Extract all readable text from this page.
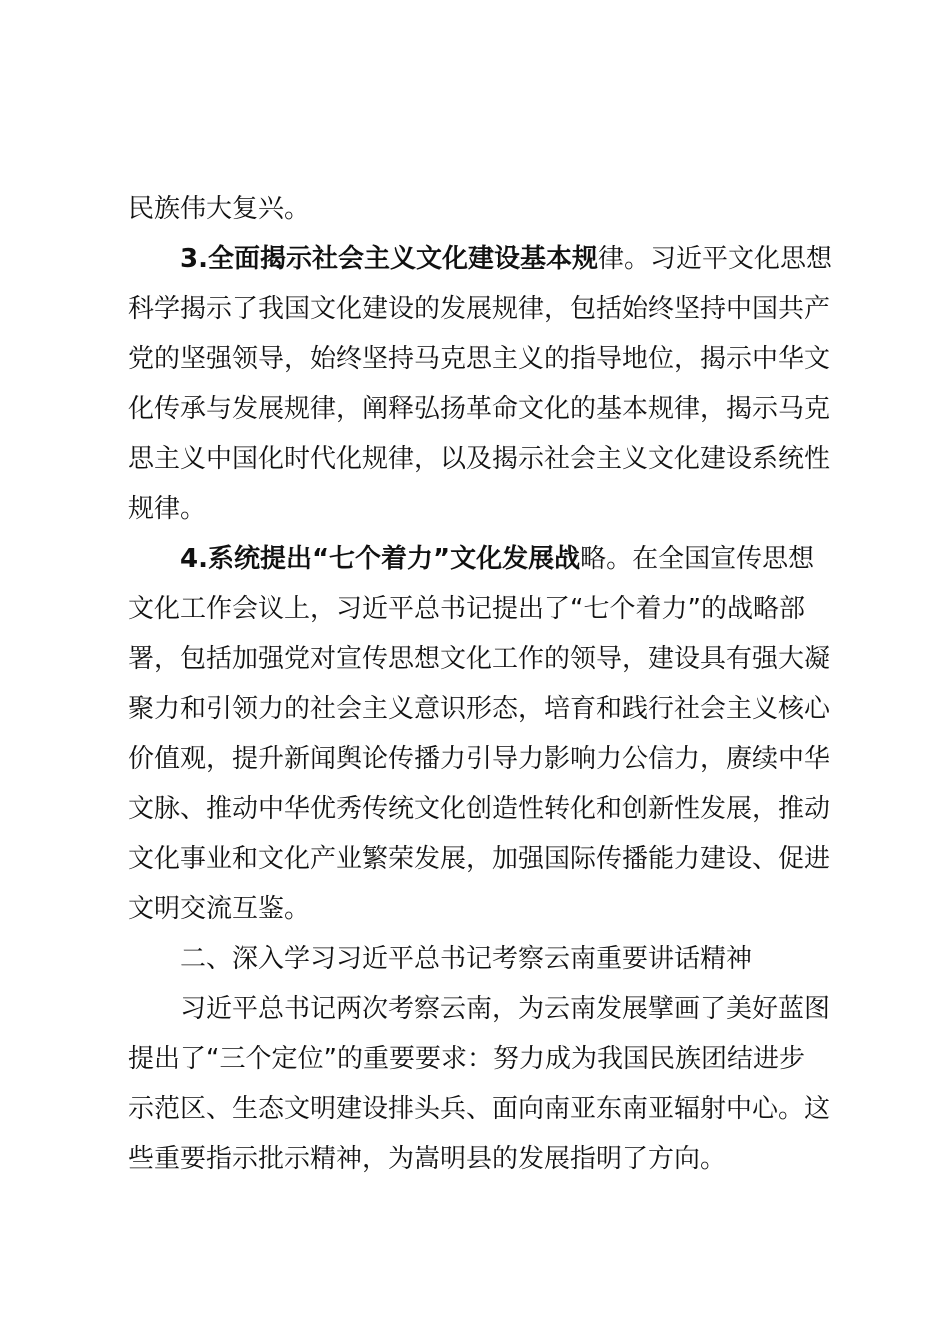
民族伟大复兴。
3.全面揭示社会主义文化建设基本规律。习近平文化思想
科学揭示了我国文化建设的发展规律，包括始终坚持中国共产
党的坚强领导，始终坚持马克思主义的指导地位，揭示中华文
化传承与发展规律，阐释弘扬革命文化的基本规律，揭示马克
思主义中国化时代化规律，以及揭示社会主义文化建设系统性
规律。
4.系统提出“七个着力”文化发展战略。在全国宣传思想
文化工作会议上，习近平总书记提出了“七个着力”的战略部
署，包括加强党对宣传思想文化工作的领导，建设具有强大凝
聚力和引领力的社会主义意识形态，培育和践行社会主义核心
价值观，提升新闻舆论传播力引导力影响力公信力，赓续中华
文脉、推动中华优秀传统文化创造性转化和创新性发展，推动
文化事业和文化产业繁荣发展，加强国际传播能力建设、促进
文明交流互鉴。
二、深入学习习近平总书记考察云南重要讲话精神
习近平总书记两次考察云南，为云南发展擘画了美好蓝图
提出了“三个定位”的重要要求：努力成为我国民族团结进步
示范区、生态文明建设排头兵、面向南亚东南亚辐射中心。这
些重要指示批示精神，为嵩明县的发展指明了方向。
